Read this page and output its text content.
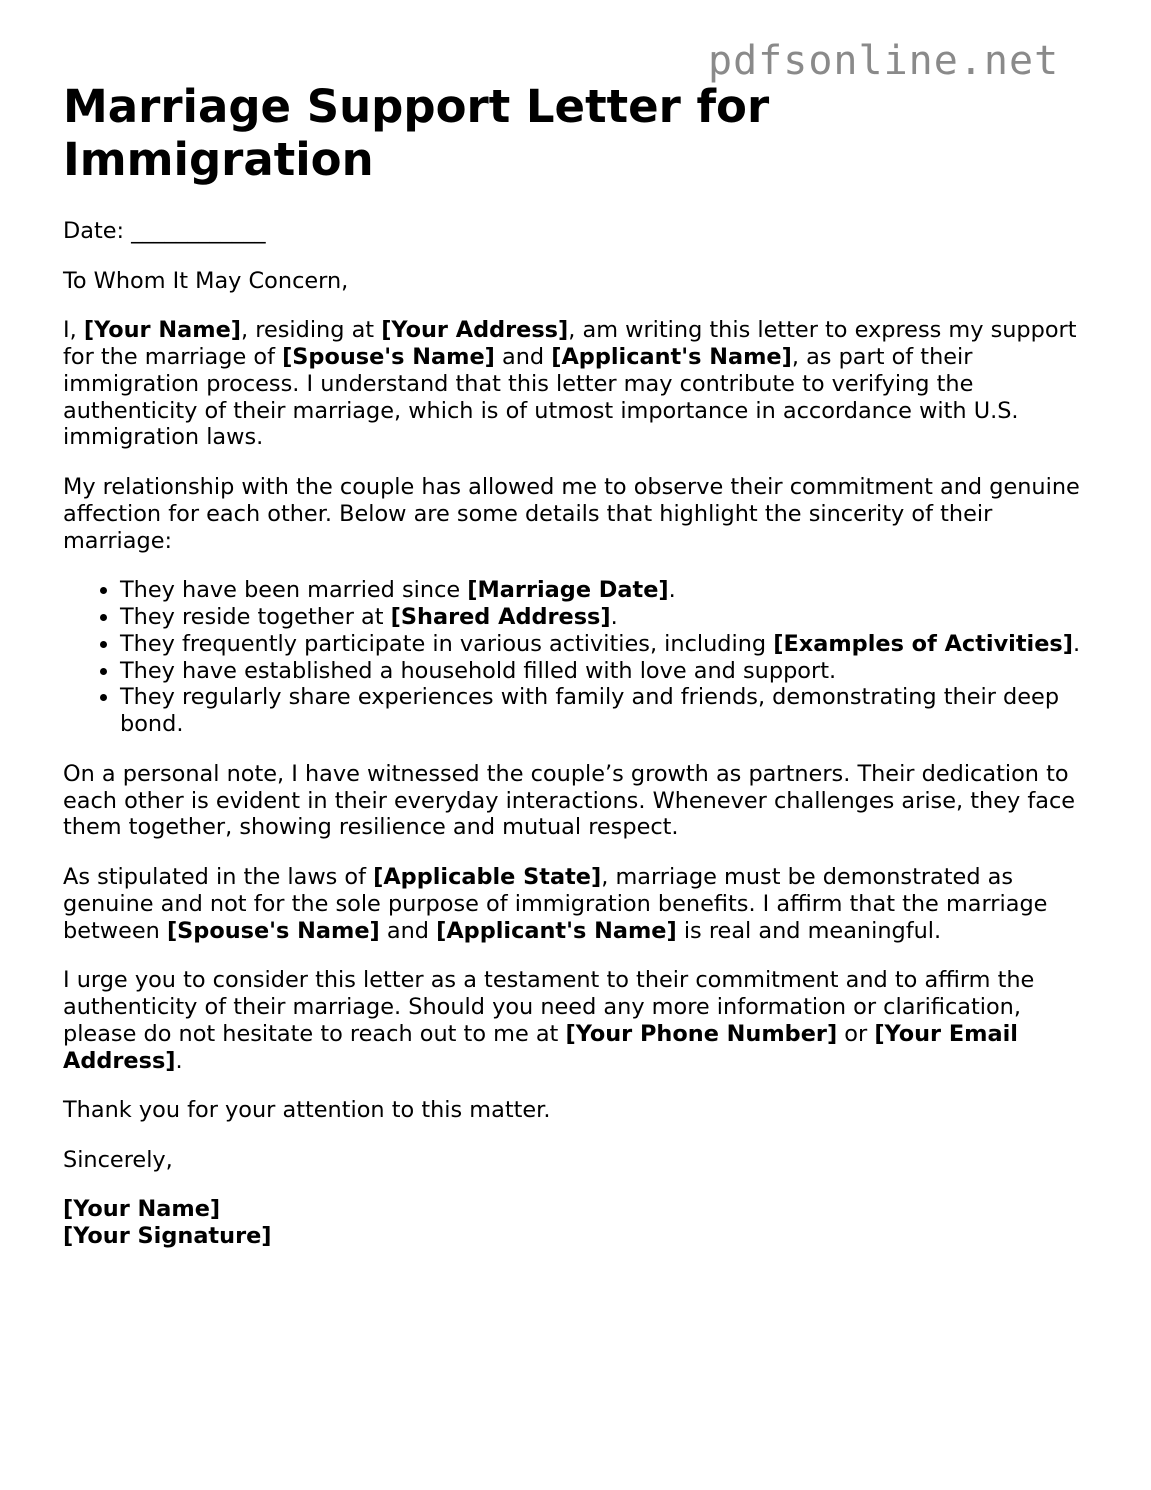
pdfsonline.net
Marriage Support Letter for Immigration

Date: ____________

To Whom It May Concern,

I, [Your Name], residing at [Your Address], am writing this letter to express my support for the marriage of [Spouse's Name] and [Applicant's Name], as part of their immigration process. I understand that this letter may contribute to verifying the authenticity of their marriage, which is of utmost importance in accordance with U.S. immigration laws.

My relationship with the couple has allowed me to observe their commitment and genuine affection for each other. Below are some details that highlight the sincerity of their marriage:

• They have been married since [Marriage Date].
• They reside together at [Shared Address].
• They frequently participate in various activities, including [Examples of Activities].
• They have established a household filled with love and support.
• They regularly share experiences with family and friends, demonstrating their deep bond.

On a personal note, I have witnessed the couple’s growth as partners. Their dedication to each other is evident in their everyday interactions. Whenever challenges arise, they face them together, showing resilience and mutual respect.

As stipulated in the laws of [Applicable State], marriage must be demonstrated as genuine and not for the sole purpose of immigration benefits. I affirm that the marriage between [Spouse's Name] and [Applicant's Name] is real and meaningful.

I urge you to consider this letter as a testament to their commitment and to affirm the authenticity of their marriage. Should you need any more information or clarification, please do not hesitate to reach out to me at [Your Phone Number] or [Your Email Address].

Thank you for your attention to this matter.

Sincerely,

[Your Name]
[Your Signature]
